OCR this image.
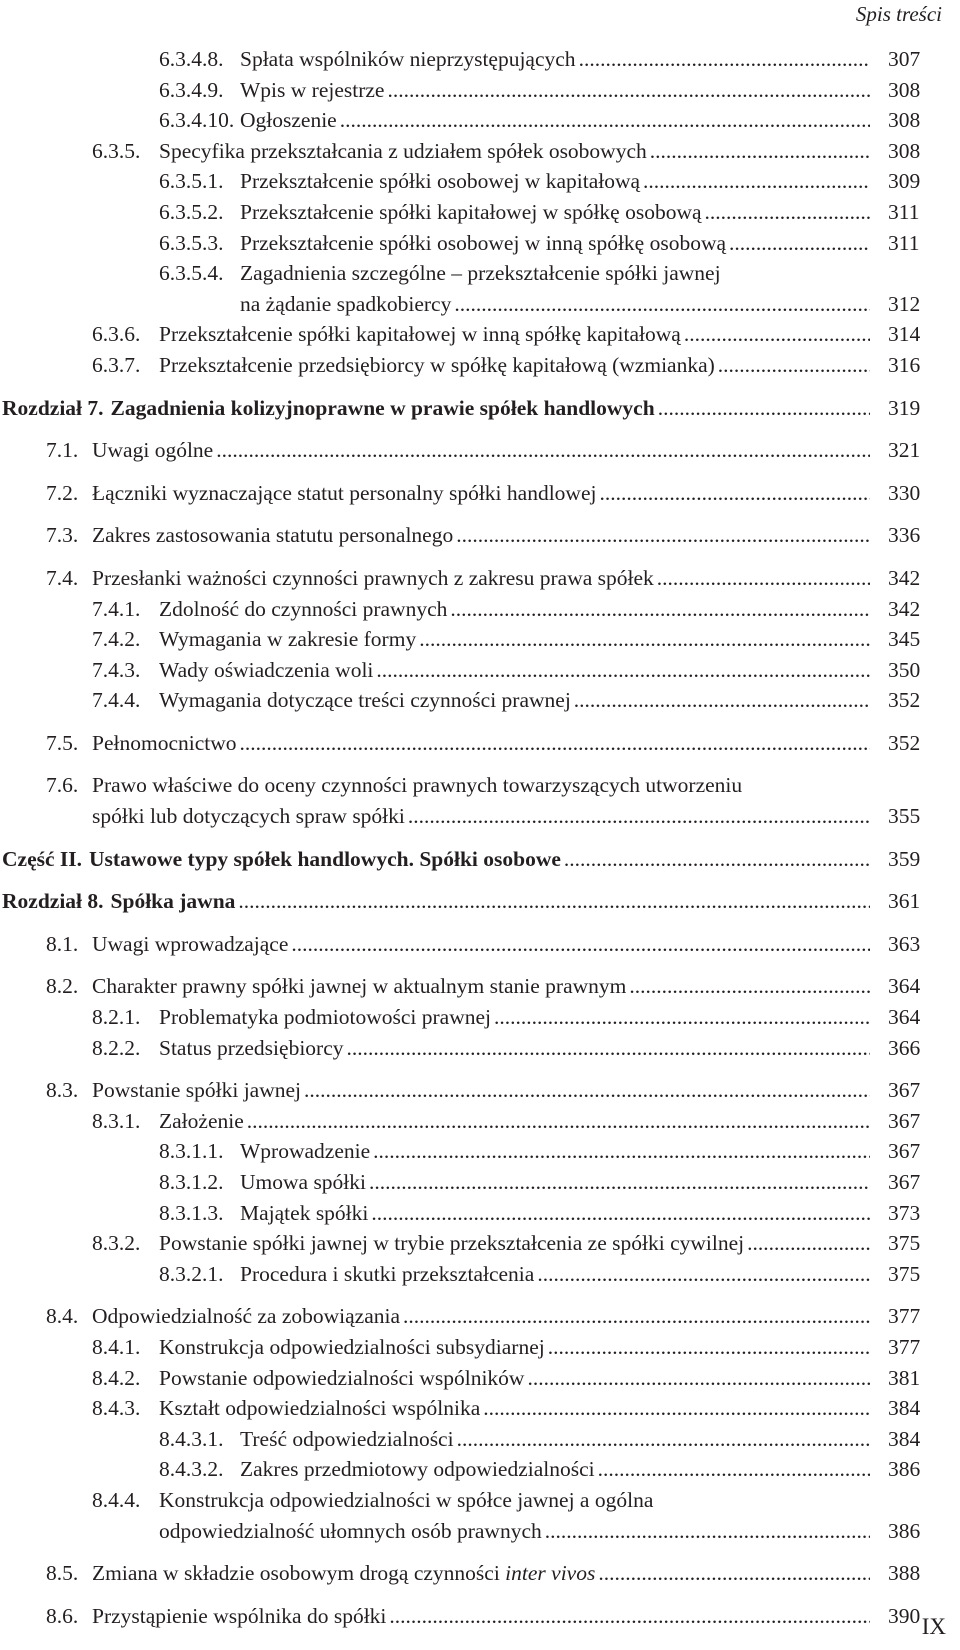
Spis treści
6.3.4.8. Spłata wspólników nieprzystępujących .....	307
6.3.4.9. Wpis w rejestrze .....	308
6.3.4.10. Ogłoszenie .....	308
6.3.5. Specyfika przekształcania z udziałem spółek osobowych .....	308
6.3.5.1. Przekształcenie spółki osobowej w kapitałową .....	309
6.3.5.2. Przekształcenie spółki kapitałowej w spółkę osobową .....	311
6.3.5.3. Przekształcenie spółki osobowej w inną spółkę osobową .....	311
6.3.5.4. Zagadnienia szczególne – przekształcenie spółki jawnej
na żądanie spadkobiercy .....	312
6.3.6. Przekształcenie spółki kapitałowej w inną spółkę kapitałową .....	314
6.3.7. Przekształcenie przedsiębiorcy w spółkę kapitałową (wzmianka) .....	316
Rozdział 7. Zagadnienia kolizyjnoprawne w prawie spółek handlowych .....	319
7.1. Uwagi ogólne .....	321
7.2. Łączniki wyznaczające statut personalny spółki handlowej .....	330
7.3. Zakres zastosowania statutu personalnego .....	336
7.4. Przesłanki ważności czynności prawnych z zakresu prawa spółek .....	342
7.4.1. Zdolność do czynności prawnych .....	342
7.4.2. Wymagania w zakresie formy .....	345
7.4.3. Wady oświadczenia woli .....	350
7.4.4. Wymagania dotyczące treści czynności prawnej .....	352
7.5. Pełnomocnictwo .....	352
7.6. Prawo właściwe do oceny czynności prawnych towarzyszących utworzeniu
spółki lub dotyczących spraw spółki .....	355
Część II. Ustawowe typy spółek handlowych. Spółki osobowe .....	359
Rozdział 8. Spółka jawna .....	361
8.1. Uwagi wprowadzające .....	363
8.2. Charakter prawny spółki jawnej w aktualnym stanie prawnym .....	364
8.2.1. Problematyka podmiotowości prawnej .....	364
8.2.2. Status przedsiębiorcy .....	366
8.3. Powstanie spółki jawnej .....	367
8.3.1. Założenie .....	367
8.3.1.1. Wprowadzenie .....	367
8.3.1.2. Umowa spółki .....	367
8.3.1.3. Majątek spółki .....	373
8.3.2. Powstanie spółki jawnej w trybie przekształcenia ze spółki cywilnej .....	375
8.3.2.1. Procedura i skutki przekształcenia .....	375
8.4. Odpowiedzialność za zobowiązania .....	377
8.4.1. Konstrukcja odpowiedzialności subsydiarnej .....	377
8.4.2. Powstanie odpowiedzialności wspólników .....	381
8.4.3. Kształt odpowiedzialności wspólnika .....	384
8.4.3.1. Treść odpowiedzialności .....	384
8.4.3.2. Zakres przedmiotowy odpowiedzialności .....	386
8.4.4. Konstrukcja odpowiedzialności w spółce jawnej a ogólna
odpowiedzialność ułomnych osób prawnych .....	386
8.5. Zmiana w składzie osobowym drogą czynności inter vivos .....	388
8.6. Przystąpienie wspólnika do spółki .....	390 IX
